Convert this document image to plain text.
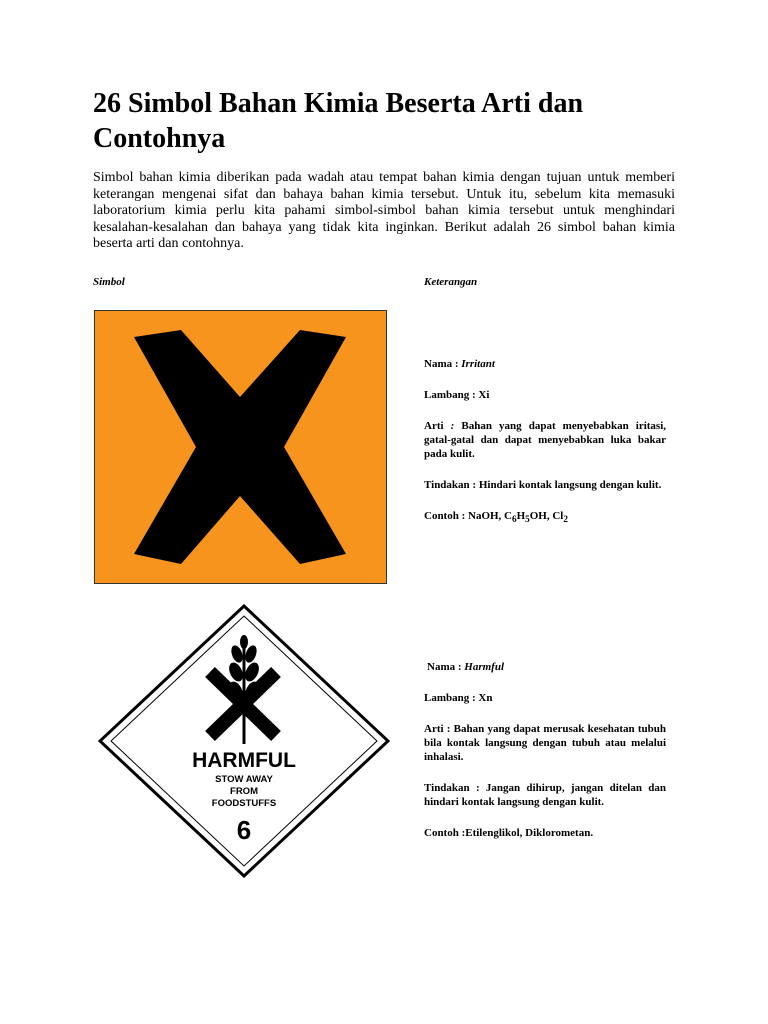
26 Simbol Bahan Kimia Beserta Arti dan Contohnya

Simbol bahan kimia diberikan pada wadah atau tempat bahan kimia dengan tujuan untuk memberi keterangan mengenai sifat dan bahaya bahan kimia tersebut. Untuk itu, sebelum kita memasuki laboratorium kimia perlu kita pahami simbol-simbol bahan kimia tersebut untuk menghindari kesalahan-kesalahan dan bahaya yang tidak kita inginkan. Berikut adalah 26 simbol bahan kimia beserta arti dan contohnya.

Simbol	Keterangan

Nama : Irritant

Lambang : Xi

Arti : Bahan yang dapat menyebabkan iritasi, gatal-gatal dan dapat menyebabkan luka bakar pada kulit.

Tindakan : Hindari kontak langsung dengan kulit.

Contoh : NaOH, $C_6H_5OH$, $Cl_2$

HARMFUL
STOW AWAY
FROM
FOODSTUFFS
6

Nama : Harmful

Lambang : Xn

Arti : Bahan yang dapat merusak kesehatan tubuh bila kontak langsung dengan tubuh atau melalui inhalasi.

Tindakan : Jangan dihirup, jangan ditelan dan hindari kontak langsung dengan kulit.

Contoh :Etilenglikol, Diklorometan.
